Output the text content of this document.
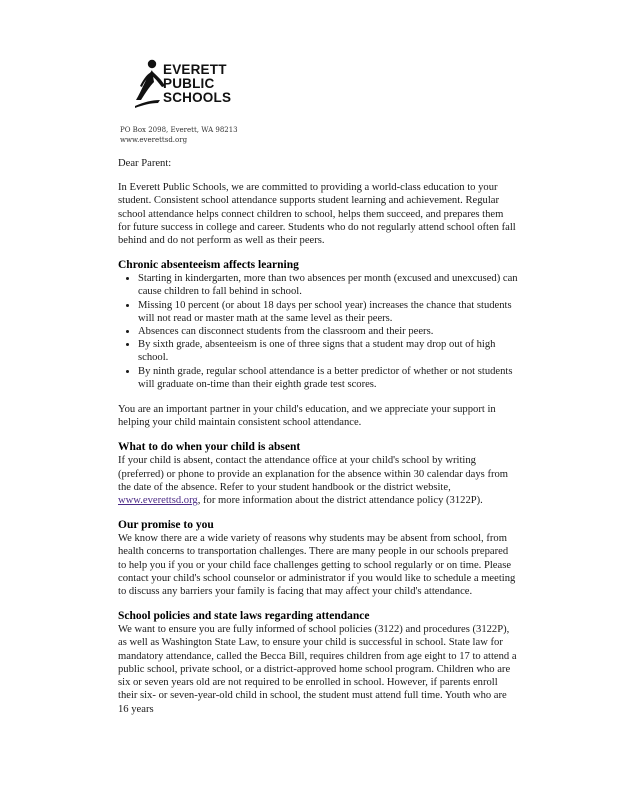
EVERETT
PUBLIC
SCHOOLS
PO Box 2098, Everett, WA 98213
www.everettsd.org

Dear Parent:

In Everett Public Schools, we are committed to providing a world-class education to your student. Consistent school attendance supports student learning and achievement. Regular school attendance helps connect children to school, helps them succeed, and prepares them for future success in college and career. Students who do not regularly attend school often fall behind and do not perform as well as their peers.

Chronic absenteeism affects learning

• Starting in kindergarten, more than two absences per month (excused and unexcused) can cause children to fall behind in school.
• Missing 10 percent (or about 18 days per school year) increases the chance that students will not read or master math at the same level as their peers.
• Absences can disconnect students from the classroom and their peers.
• By sixth grade, absenteeism is one of three signs that a student may drop out of high school.
• By ninth grade, regular school attendance is a better predictor of whether or not students will graduate on-time than their eighth grade test scores.

You are an important partner in your child's education, and we appreciate your support in helping your child maintain consistent school attendance.

What to do when your child is absent

If your child is absent, contact the attendance office at your child's school by writing (preferred) or phone to provide an explanation for the absence within 30 calendar days from the date of the absence. Refer to your student handbook or the district website, www.everettsd.org, for more information about the district attendance policy (3122P).

Our promise to you

We know there are a wide variety of reasons why students may be absent from school, from health concerns to transportation challenges. There are many people in our schools prepared to help you if you or your child face challenges getting to school regularly or on time. Please contact your child's school counselor or administrator if you would like to schedule a meeting to discuss any barriers your family is facing that may affect your child's attendance.

School policies and state laws regarding attendance

We want to ensure you are fully informed of school policies (3122) and procedures (3122P), as well as Washington State Law, to ensure your child is successful in school. State law for mandatory attendance, called the Becca Bill, requires children from age eight to 17 to attend a public school, private school, or a district-approved home school program. Children who are six or seven years old are not required to be enrolled in school. However, if parents enroll their six- or seven-year-old child in school, the student must attend full time. Youth who are 16 years
